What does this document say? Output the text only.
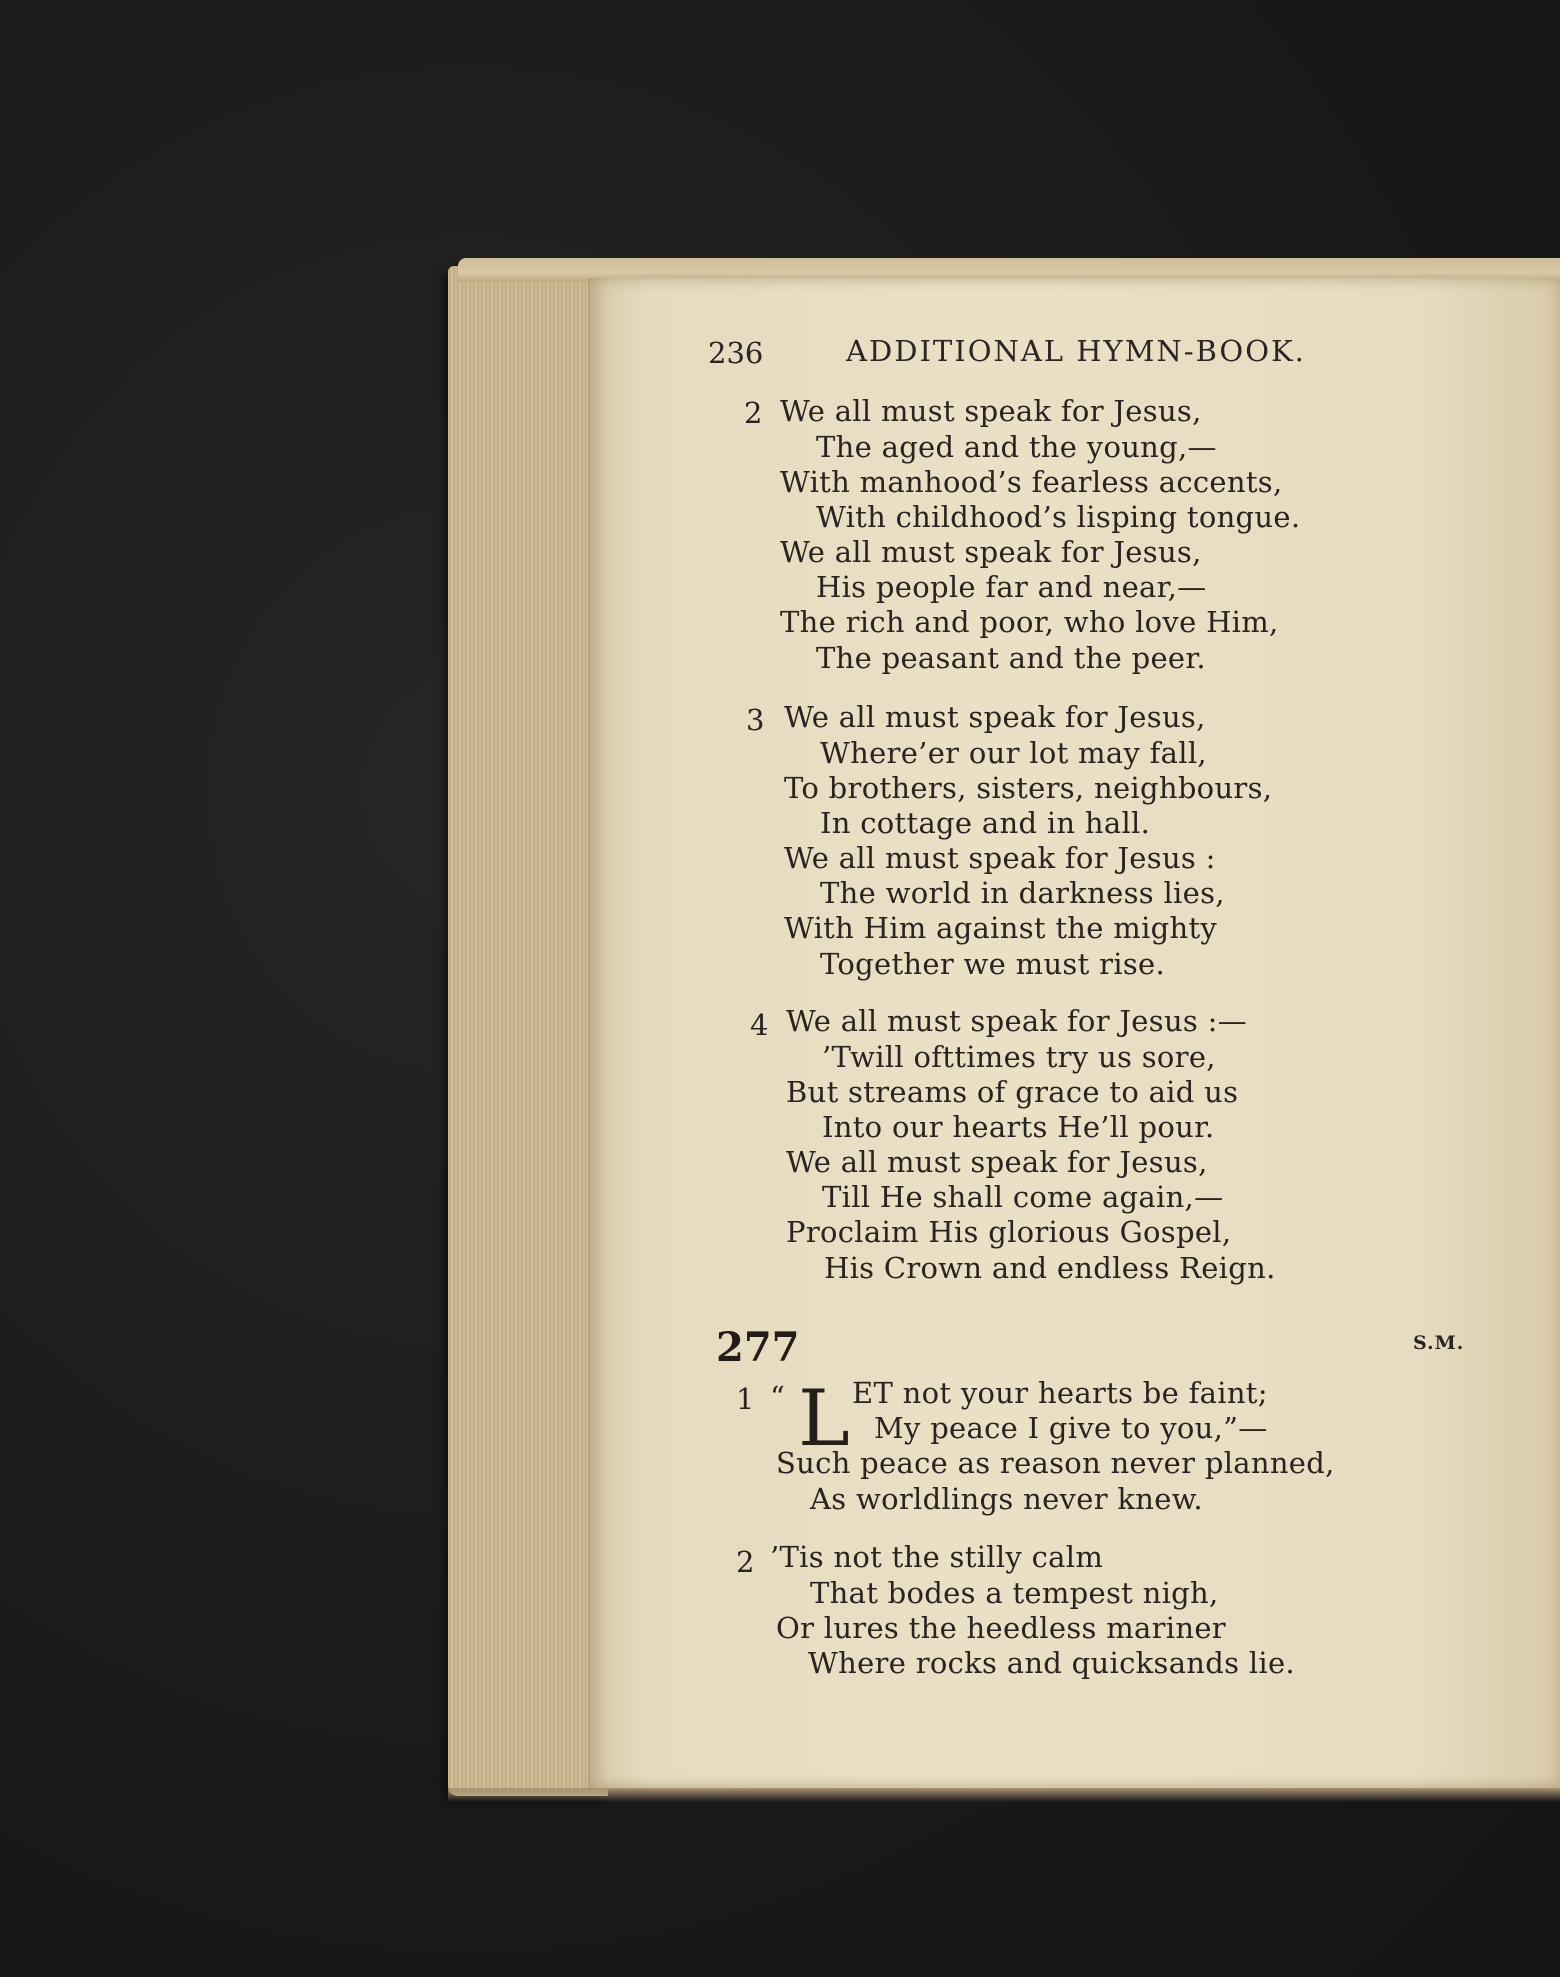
236	ADDITIONAL HYMN-BOOK.
2 We all must speak for Jesus,
The aged and the young,—
With manhood’s fearless accents,
With childhood’s lisping tongue.
We all must speak for Jesus,
His people far and near,—
The rich and poor, who love Him,
The peasant and the peer.
3 We all must speak for Jesus,
Where’er our lot may fall,
To brothers, sisters, neighbours,
In cottage and in hall.
We all must speak for Jesus :
The world in darkness lies,
With Him against the mighty
Together we must rise.
4 We all must speak for Jesus :—
’Twill ofttimes try us sore,
But streams of grace to aid us
Into our hearts He’ll pour.
We all must speak for Jesus,
Till He shall come again,—
Proclaim His glorious Gospel,
His Crown and endless Reign.
277	S.M.
1 “ L ET not your hearts be faint;
My peace I give to you,”—
Such peace as reason never planned,
As worldlings never knew.
2 ’Tis not the stilly calm
That bodes a tempest nigh,
Or lures the heedless mariner
Where rocks and quicksands lie.
